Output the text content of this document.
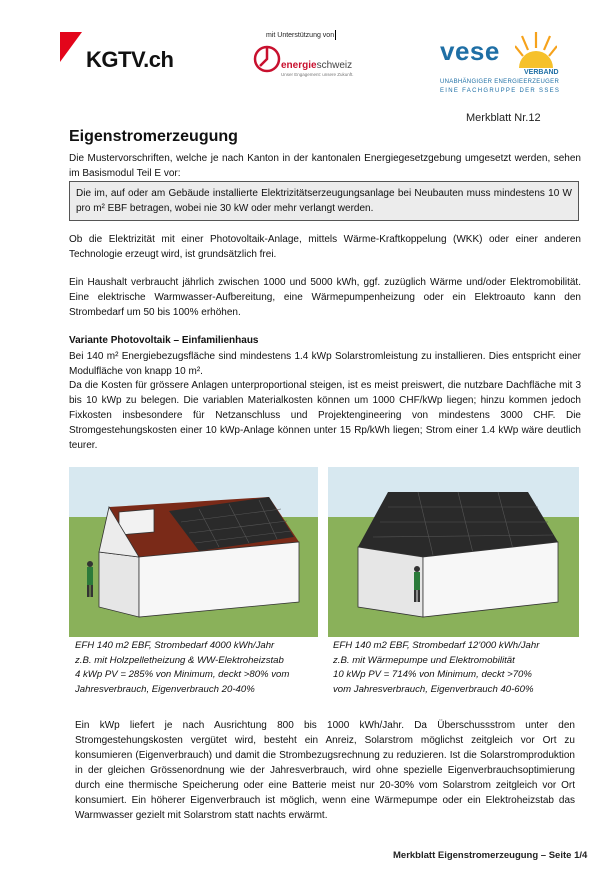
KGTV.ch
mit Unterstützung von
energieschweiz
Unser Engagement: unsere Zukunft.
vese
VERBAND
UNABHÄNGIGER ENERGIEERZEUGER
EINE FACHGRUPPE DER SSES
Merkblatt Nr.12
Eigenstromerzeugung
Die Mustervorschriften, welche je nach Kanton in der kantonalen Energiegesetzgebung umgesetzt werden, sehen im Basismodul Teil E vor:
Die im, auf oder am Gebäude installierte Elektrizitätserzeugungsanlage bei Neubauten muss mindestens 10 W pro m² EBF betragen, wobei nie 30 kW oder mehr verlangt werden.
Ob die Elektrizität mit einer Photovoltaik-Anlage, mittels Wärme-Kraftkoppelung (WKK) oder einer anderen Technologie erzeugt wird, ist grundsätzlich frei.
Ein Haushalt verbraucht jährlich zwischen 1000 und 5000 kWh, ggf. zuzüglich Wärme und/oder Elektromobilität. Eine elektrische Warmwasser-Aufbereitung, eine Wärmepumpenheizung oder ein Elektroauto kann den Strombedarf um 50 bis 100% erhöhen.
Variante Photovoltaik – Einfamilienhaus
Bei 140 m² Energiebezugsfläche sind mindestens 1.4 kWp Solarstromleistung zu installieren. Dies entspricht einer Modulfläche von knapp 10 m².
Da die Kosten für grössere Anlagen unterproportional steigen, ist es meist preiswert, die nutzbare Dachfläche mit 3 bis 10 kWp zu belegen. Die variablen Materialkosten können um 1000 CHF/kWp liegen; hinzu kommen jedoch Fixkosten insbesondere für Netzanschluss und Projektengineering von mindestens 3000 CHF. Die Stromgestehungskosten einer 10 kWp-Anlage können unter 15 Rp/kWh liegen; Strom einer 1.4 kWp wäre deutlich teurer.
EFH 140 m2 EBF, Strombedarf 4000 kWh/Jahr
z.B. mit Holzpelletheizung & WW-Elektroheizstab
4 kWp PV = 285% von Minimum, deckt >80% vom
Jahresverbrauch, Eigenverbrauch 20-40%
EFH 140 m2 EBF, Strombedarf 12'000 kWh/Jahr
z.B. mit Wärmepumpe und Elektromobilität
10 kWp PV = 714% von Minimum, deckt >70%
vom Jahresverbrauch, Eigenverbrauch 40-60%
Ein kWp liefert je nach Ausrichtung 800 bis 1000 kWh/Jahr. Da Überschussstrom unter den Stromgestehungskosten vergütet wird, besteht ein Anreiz, Solarstrom möglichst zeitgleich vor Ort zu konsumieren (Eigenverbrauch) und damit die Strombezugsrechnung zu reduzieren. Ist die Solarstromproduktion in der gleichen Grössenordnung wie der Jahresverbrauch, wird ohne spezielle Eigenverbrauchsoptimierung durch eine thermische Speicherung oder eine Batterie meist nur 20-30% vom Solarstrom zeitgleich vor Ort konsumiert. Ein höherer Eigenverbrauch ist möglich, wenn eine Wärmepumpe oder ein Elektroheizstab das Warmwasser gezielt mit Solarstrom statt nachts erwärmt.
Merkblatt Eigenstromerzeugung – Seite 1/4
